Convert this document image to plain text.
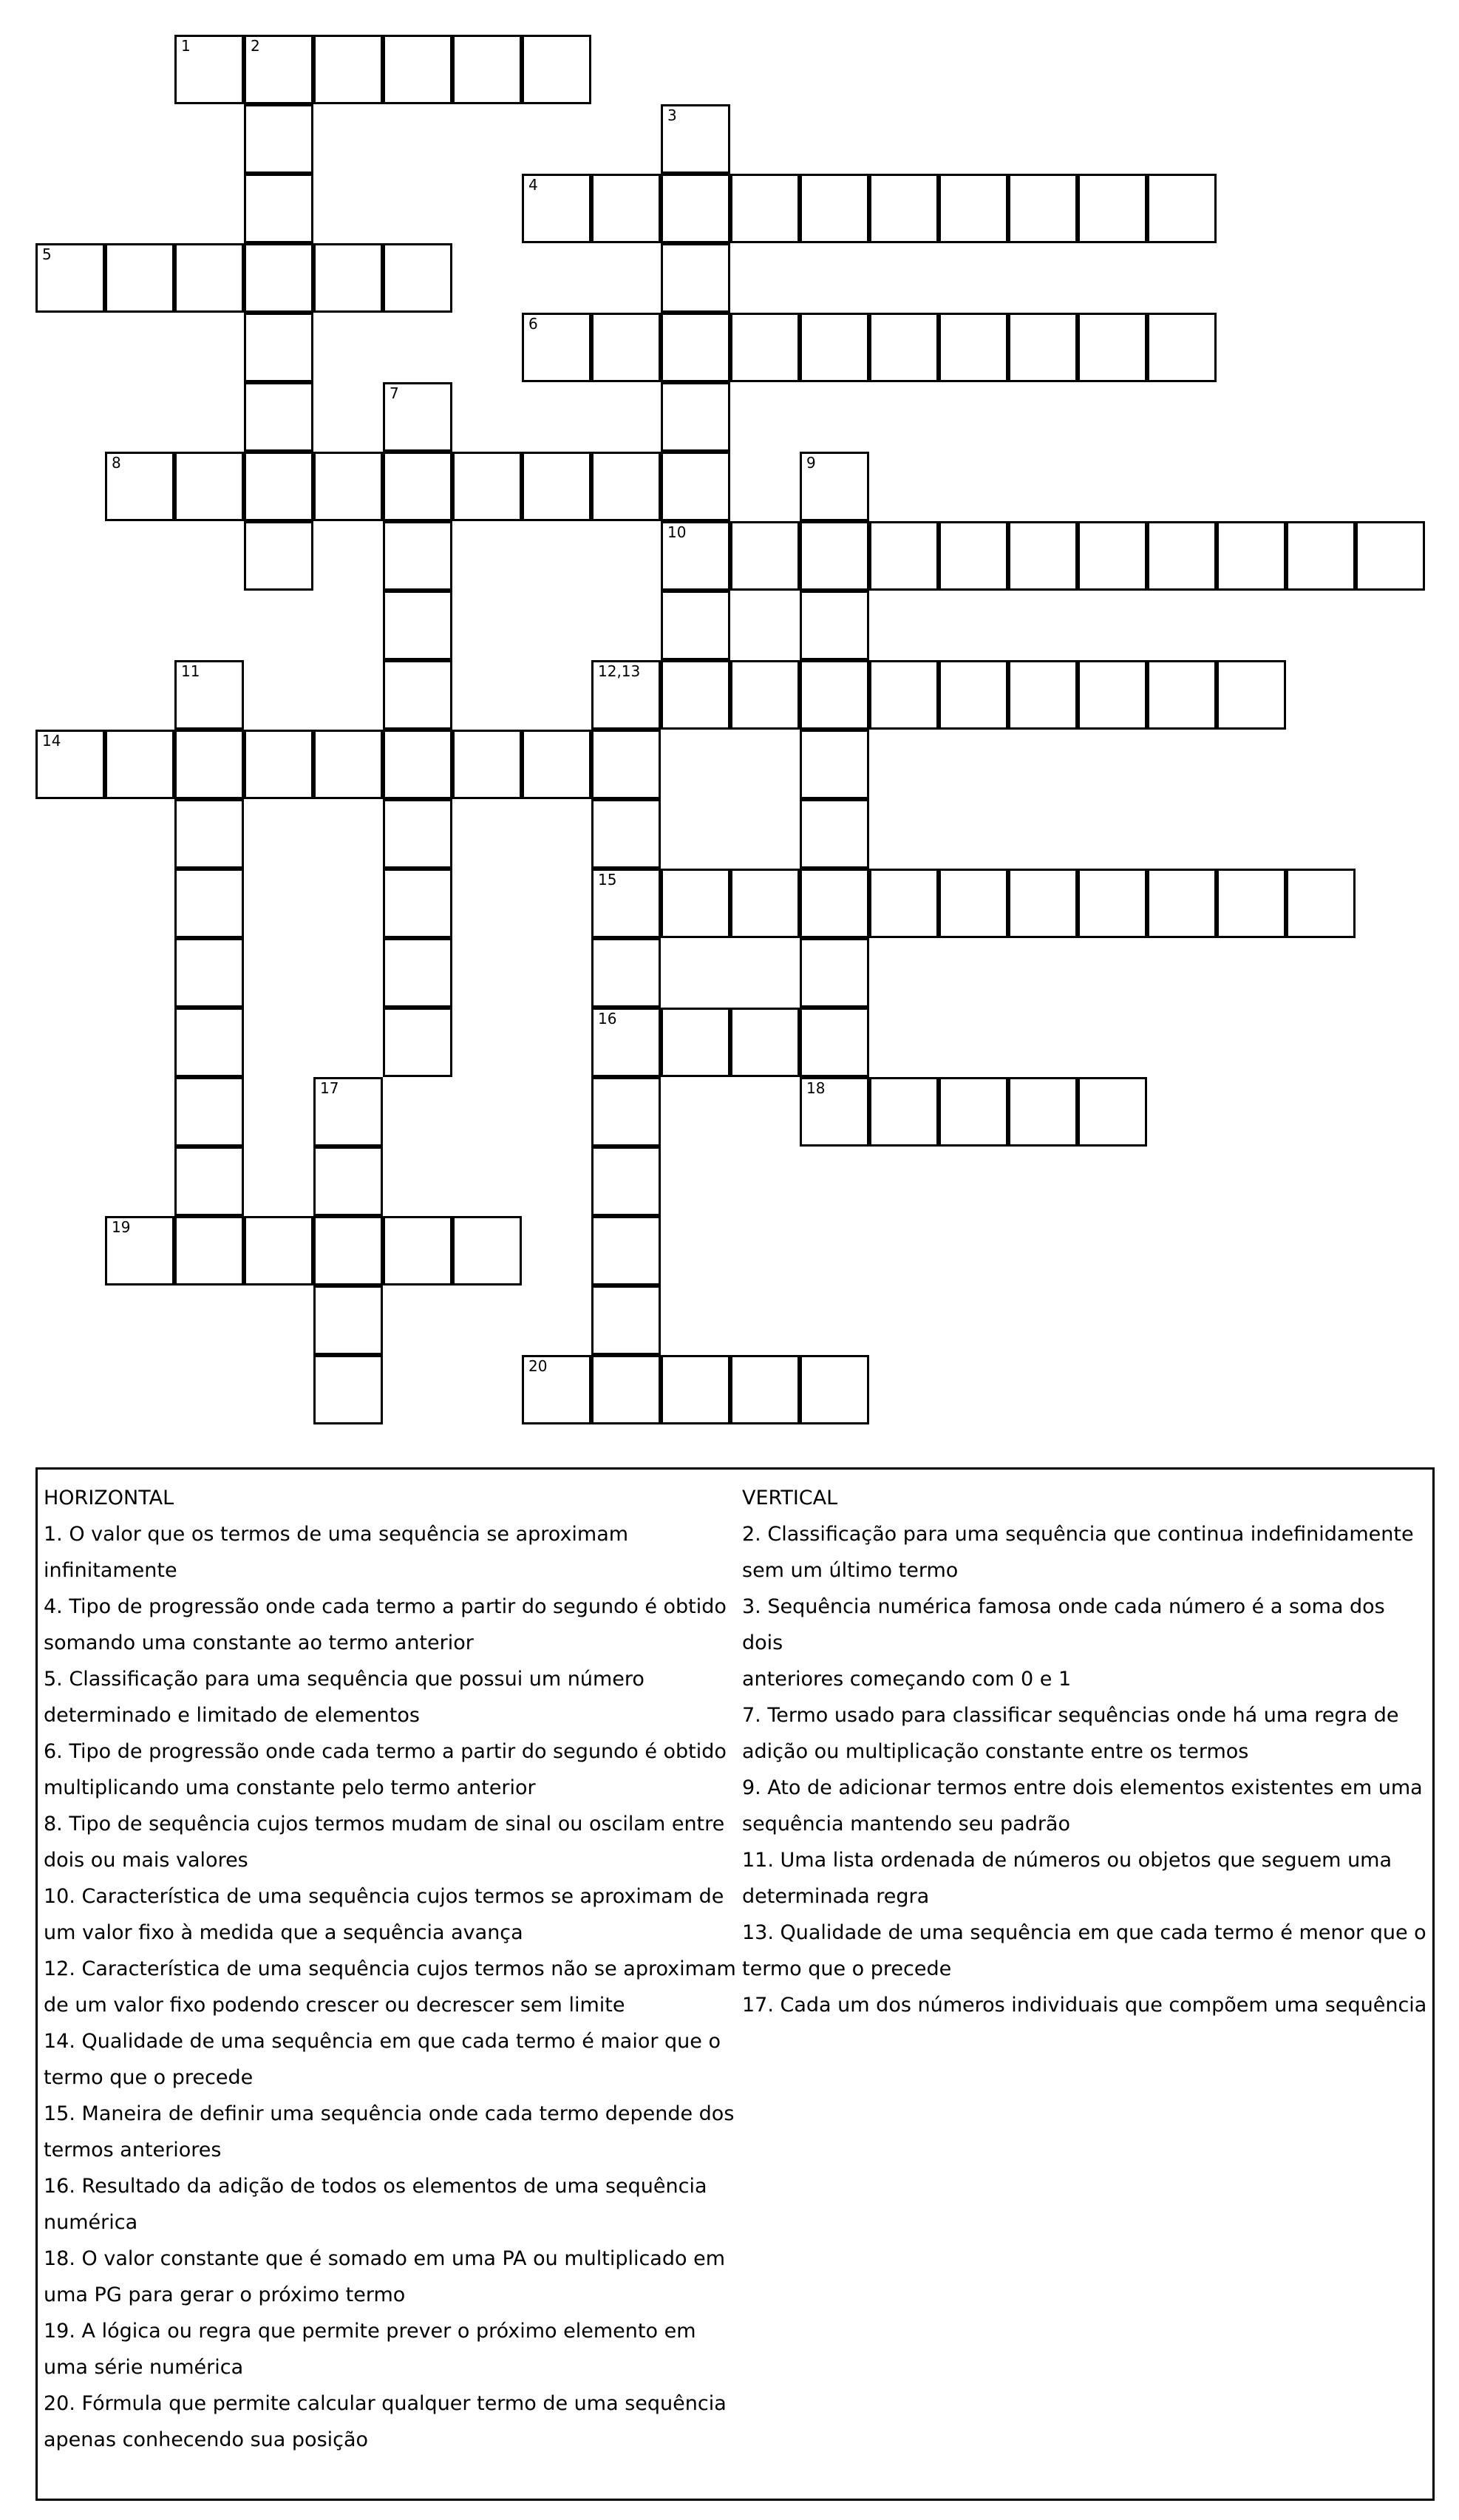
1	2
3
4
5
6
7
8	9
10
11	12,13
14
15
16
17	18
19
20
HORIZONTAL
1. O valor que os termos de uma sequência se aproximam
infinitamente
4. Tipo de progressão onde cada termo a partir do segundo é obtido
somando uma constante ao termo anterior
5. Classificação para uma sequência que possui um número
determinado e limitado de elementos
6. Tipo de progressão onde cada termo a partir do segundo é obtido
multiplicando uma constante pelo termo anterior
8. Tipo de sequência cujos termos mudam de sinal ou oscilam entre
dois ou mais valores
10. Característica de uma sequência cujos termos se aproximam de
um valor fixo à medida que a sequência avança
12. Característica de uma sequência cujos termos não se aproximam
de um valor fixo podendo crescer ou decrescer sem limite
14. Qualidade de uma sequência em que cada termo é maior que o
termo que o precede
15. Maneira de definir uma sequência onde cada termo depende dos
termos anteriores
16. Resultado da adição de todos os elementos de uma sequência
numérica
18. O valor constante que é somado em uma PA ou multiplicado em
uma PG para gerar o próximo termo
19. A lógica ou regra que permite prever o próximo elemento em
uma série numérica
20. Fórmula que permite calcular qualquer termo de uma sequência
apenas conhecendo sua posição
VERTICAL
2. Classificação para uma sequência que continua indefinidamente
sem um último termo
3. Sequência numérica famosa onde cada número é a soma dos dois
anteriores começando com 0 e 1
7. Termo usado para classificar sequências onde há uma regra de
adição ou multiplicação constante entre os termos
9. Ato de adicionar termos entre dois elementos existentes em uma
sequência mantendo seu padrão
11. Uma lista ordenada de números ou objetos que seguem uma
determinada regra
13. Qualidade de uma sequência em que cada termo é menor que o
termo que o precede
17. Cada um dos números individuais que compõem uma sequência
